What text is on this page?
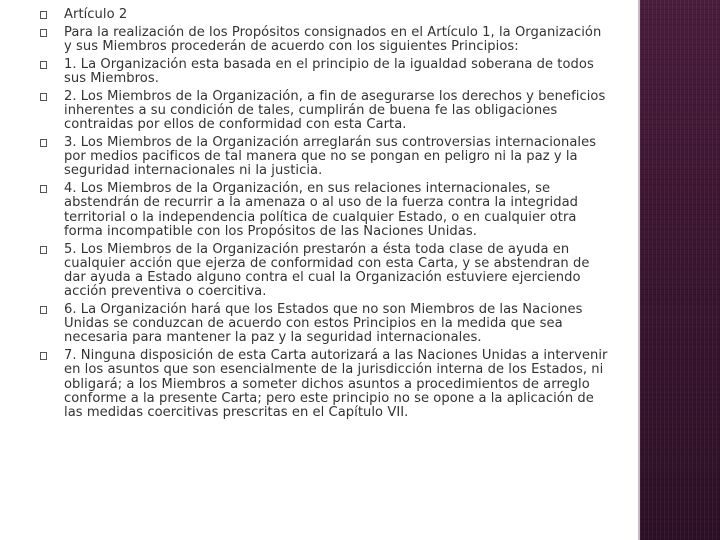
Artículo 2
Para la realización de los Propósitos consignados en el Artículo 1, la Organización y sus Miembros procederán de acuerdo con los siguientes Principios:
1. La Organización esta basada en el principio de la igualdad soberana de todos sus Miembros.
2. Los Miembros de la Organización, a fin de asegurarse los derechos y beneficios inherentes a su condición de tales, cumplirán de buena fe las obligaciones contraidas por ellos de conformidad con esta Carta.
3. Los Miembros de la Organización arreglarán sus controversias internacionales por medios pacificos de tal manera que no se pongan en peligro ni la paz y la seguridad internacionales ni la justicia.
4. Los Miembros de la Organización, en sus relaciones internacionales, se abstendrán de recurrir a la amenaza o al uso de la fuerza contra la integridad territorial o la independencia política de cualquier Estado, o en cualquier otra forma incompatible con los Propósitos de las Naciones Unidas.
5. Los Miembros de la Organización prestarón a ésta toda clase de ayuda en cualquier acción que ejerza de conformidad con esta Carta, y se abstendran de dar ayuda a Estado alguno contra el cual la Organización estuviere ejerciendo acción preventiva o coercitiva.
6. La Organización hará que los Estados que no son Miembros de las Naciones Unidas se conduzcan de acuerdo con estos Principios en la medida que sea necesaria para mantener la paz y la seguridad internacionales.
7. Ninguna disposición de esta Carta autorizará a las Naciones Unidas a intervenir en los asuntos que son esencialmente de la jurisdicción interna de los Estados, ni obligará; a los Miembros a someter dichos asuntos a procedimientos de arreglo conforme a la presente Carta; pero este principio no se opone a la aplicación de las medidas coercitivas prescritas en el Capítulo VII.
